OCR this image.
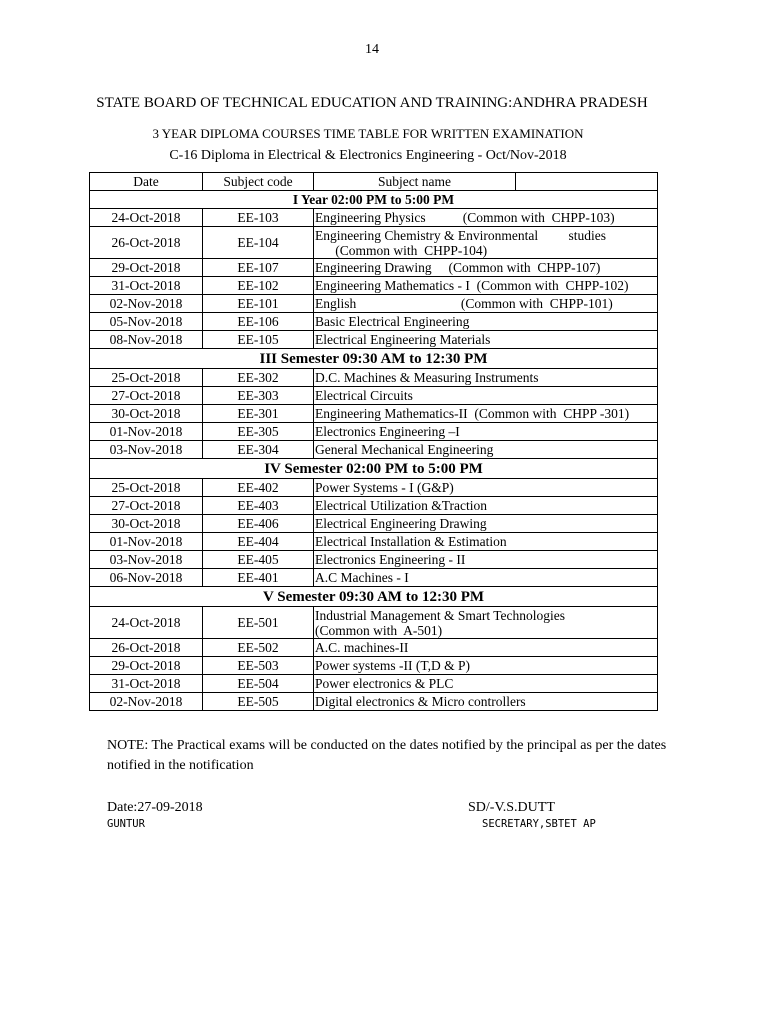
14
STATE BOARD OF TECHNICAL EDUCATION AND TRAINING:ANDHRA PRADESH
3 YEAR DIPLOMA COURSES TIME TABLE FOR WRITTEN EXAMINATION
C-16 Diploma in Electrical & Electronics Engineering - Oct/Nov-2018
Date	Subject code	Subject name	
I Year 02:00 PM to 5:00 PM			
24-Oct-2018	EE-103	Engineering Physics           (Common with  CHPP-103)	
26-Oct-2018	EE-104	Engineering Chemistry & Environmental         studies
(Common with  CHPP-104)	
29-Oct-2018	EE-107	Engineering Drawing     (Common with  CHPP-107)	
31-Oct-2018	EE-102	Engineering Mathematics - I  (Common with  CHPP-102)	
02-Nov-2018	EE-101	English                               (Common with  CHPP-101)	
05-Nov-2018	EE-106	Basic Electrical Engineering	
08-Nov-2018	EE-105	Electrical Engineering Materials	
III Semester 09:30 AM to 12:30 PM			
25-Oct-2018	EE-302	D.C. Machines & Measuring Instruments	
27-Oct-2018	EE-303	Electrical Circuits	
30-Oct-2018	EE-301	Engineering Mathematics-II  (Common with  CHPP -301)	
01-Nov-2018	EE-305	Electronics Engineering –I	
03-Nov-2018	EE-304	General Mechanical Engineering	
IV Semester 02:00 PM to 5:00 PM			
25-Oct-2018	EE-402	Power Systems - I (G&P)	
27-Oct-2018	EE-403	Electrical Utilization &Traction	
30-Oct-2018	EE-406	Electrical Engineering Drawing	
01-Nov-2018	EE-404	Electrical Installation & Estimation	
03-Nov-2018	EE-405	Electronics Engineering - II	
06-Nov-2018	EE-401	A.C Machines - I	
V Semester 09:30 AM to 12:30 PM			
24-Oct-2018	EE-501	Industrial Management & Smart Technologies
(Common with  A-501)	
26-Oct-2018	EE-502	A.C. machines-II	
29-Oct-2018	EE-503	Power systems -II (T,D & P)	
31-Oct-2018	EE-504	Power electronics & PLC	
02-Nov-2018	EE-505	Digital electronics & Micro controllers	
NOTE: The Practical exams will be conducted on the dates notified by the principal as per the dates notified in the notification
Date:27-09-2018
GUNTUR
SD/-V.S.DUTT
SECRETARY,SBTET AP
